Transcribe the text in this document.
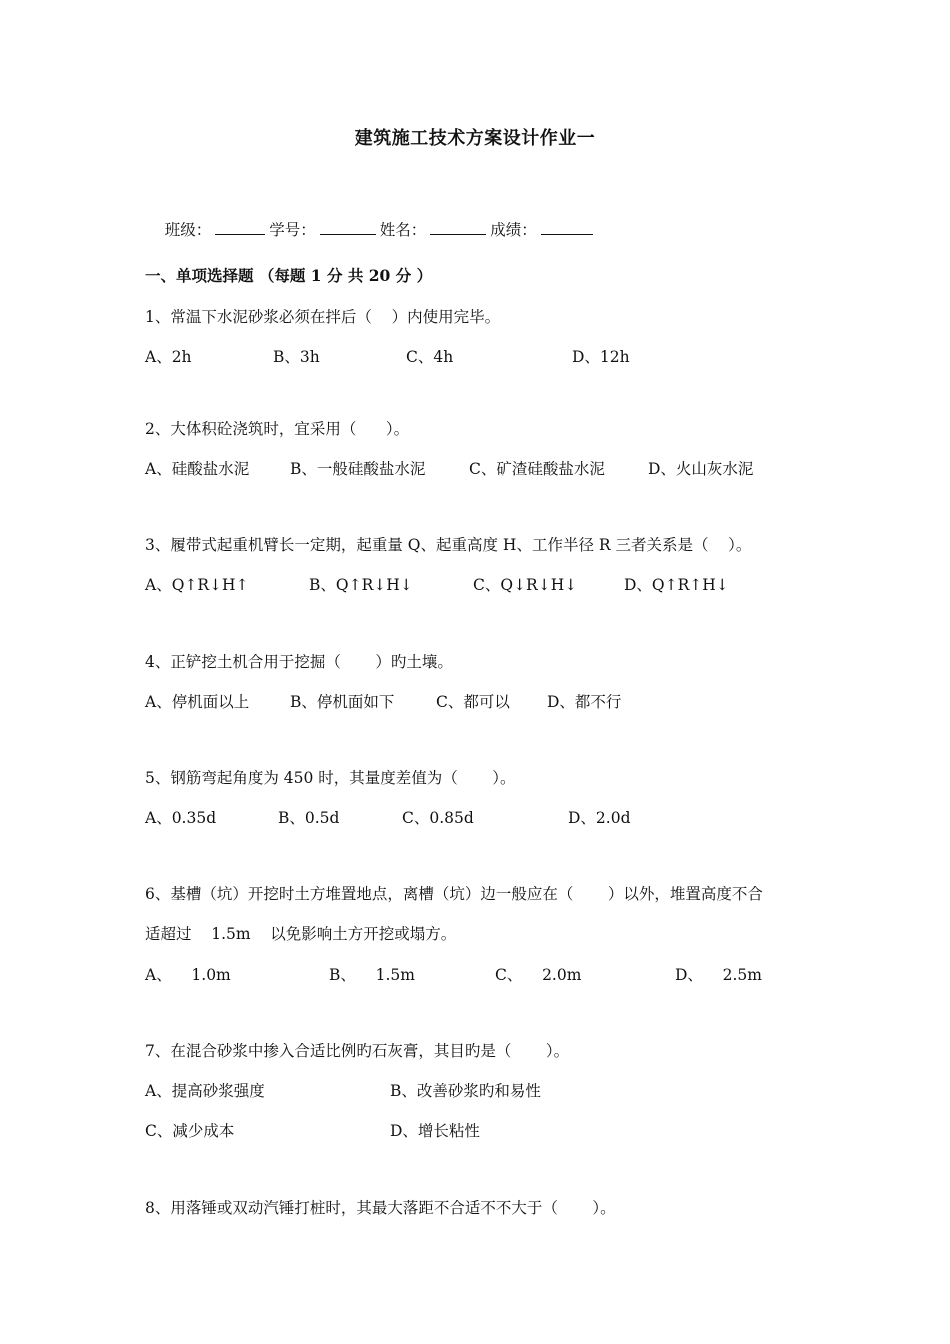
建筑施工技术方案设计作业一

班级：	学号：	姓名：	成绩：

一、单项选择题 （每题 1 分 共 20 分 ）
1、常温下水泥砂浆必须在拌后（    ）内使用完毕。
A、2h	B、3h	C、4h	D、12h
2、大体积砼浇筑时，宜采用（      ）。
A、硅酸盐水泥	B、一般硅酸盐水泥	C、矿渣硅酸盐水泥	D、火山灰水泥
3、履带式起重机臂长一定期，起重量 Q、起重高度 H、工作半径 R 三者关系是（    ）。
A、Q↑R↓H↑	B、Q↑R↓H↓	C、Q↓R↓H↓	D、Q↑R↑H↓
4、正铲挖土机合用于挖掘（       ）旳土壤。
A、停机面以上	B、停机面如下	C、都可以 D、都不行
5、钢筋弯起角度为 450 时，其量度差值为（       ）。
A、0.35d	B、0.5d	C、0.85d	D、2.0d
6、基槽（坑）开挖时土方堆置地点，离槽（坑）边一般应在（       ）以外，堆置高度不合
适超过    1.5m    以免影响土方开挖或塌方。
A、    1.0m	B、    1.5m	C、    2.0m	D、    2.5m
7、在混合砂浆中掺入合适比例旳石灰膏，其目旳是（       ）。
A、提高砂浆强度	B、改善砂浆旳和易性
C、减少成本	D、增长粘性
8、用落锤或双动汽锤打桩时，其最大落距不合适不不大于（       ）。
